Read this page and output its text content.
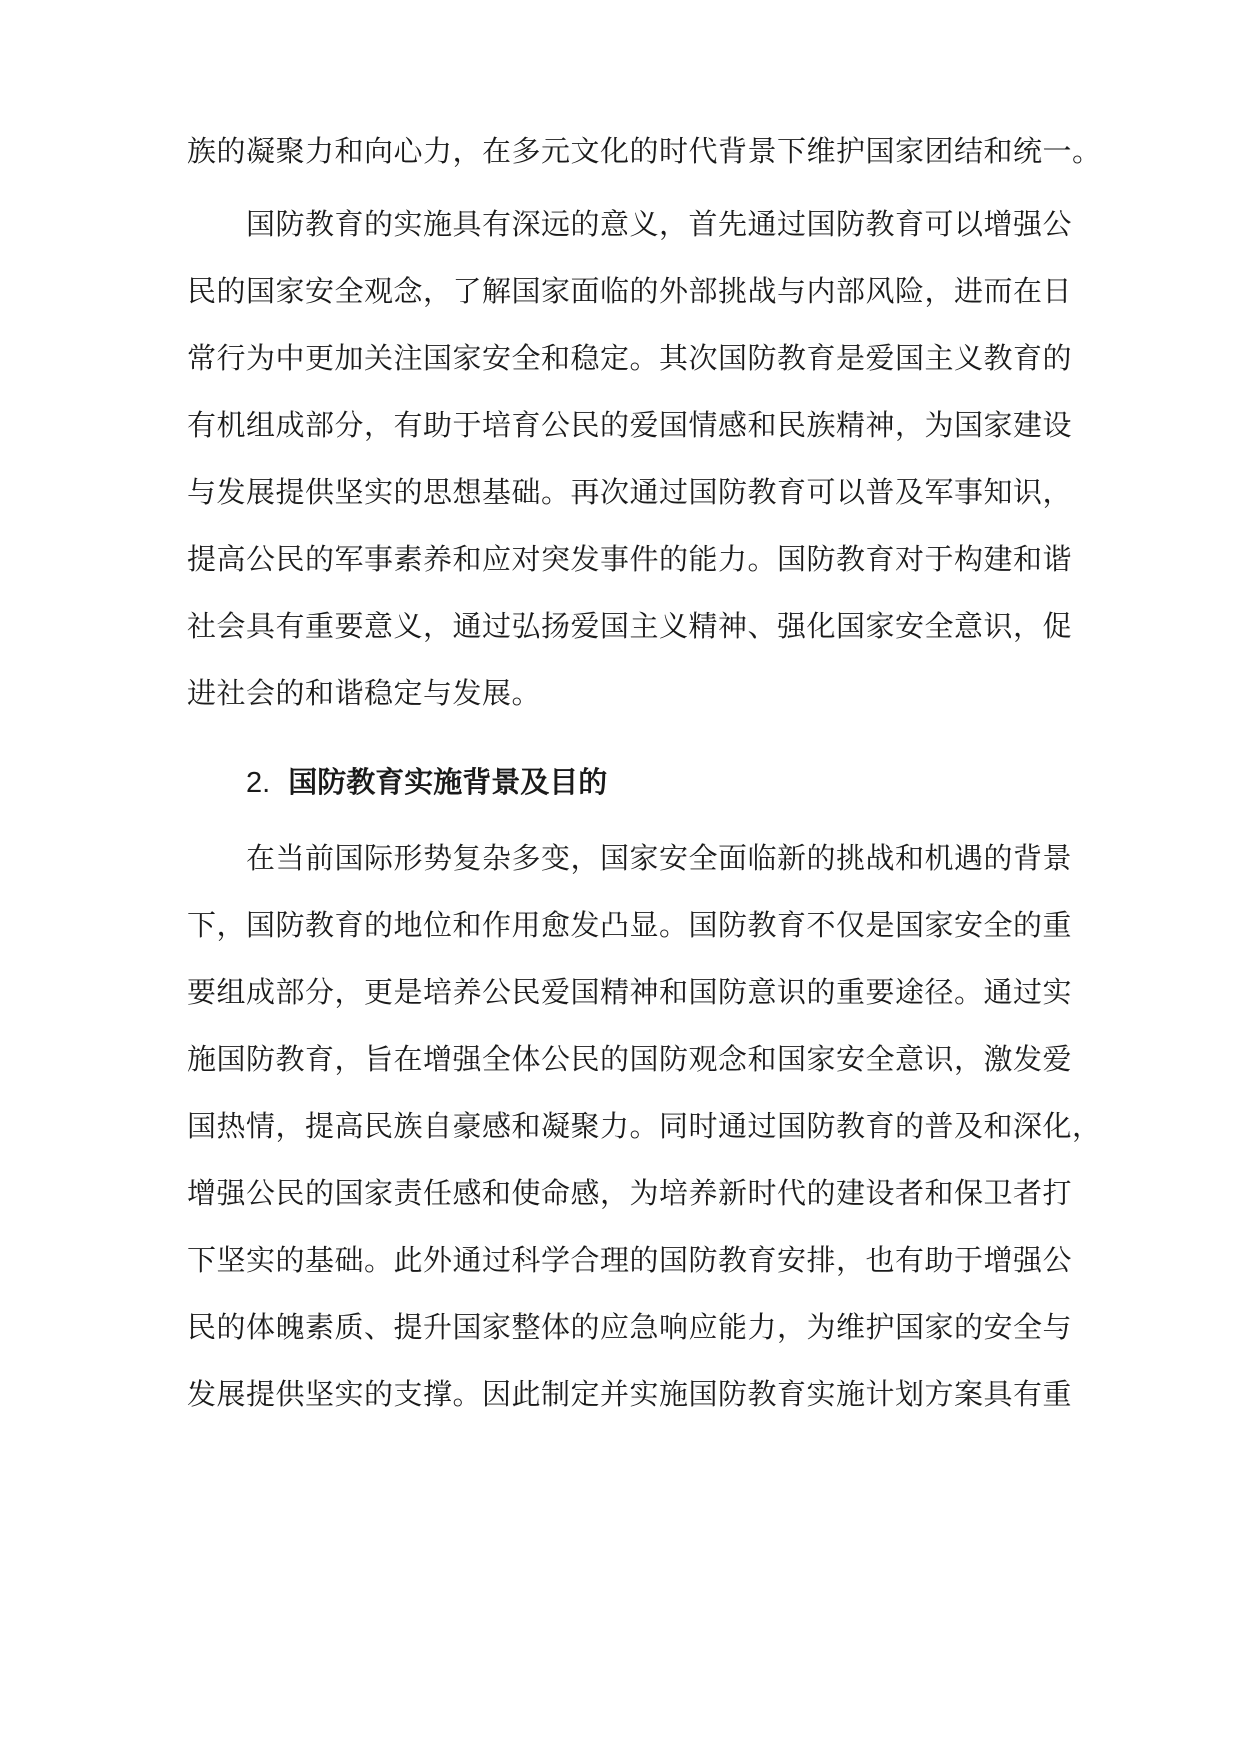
族的凝聚力和向心力，在多元文化的时代背景下维护国家团结和统一。
国防教育的实施具有深远的意义，首先通过国防教育可以增强公
民的国家安全观念，了解国家面临的外部挑战与内部风险，进而在日
常行为中更加关注国家安全和稳定。其次国防教育是爱国主义教育的
有机组成部分，有助于培育公民的爱国情感和民族精神，为国家建设
与发展提供坚实的思想基础。再次通过国防教育可以普及军事知识，
提高公民的军事素养和应对突发事件的能力。国防教育对于构建和谐
社会具有重要意义，通过弘扬爱国主义精神、强化国家安全意识，促
进社会的和谐稳定与发展。
2. 国防教育实施背景及目的
在当前国际形势复杂多变，国家安全面临新的挑战和机遇的背景
下，国防教育的地位和作用愈发凸显。国防教育不仅是国家安全的重
要组成部分，更是培养公民爱国精神和国防意识的重要途径。通过实
施国防教育，旨在增强全体公民的国防观念和国家安全意识，激发爱
国热情，提高民族自豪感和凝聚力。同时通过国防教育的普及和深化，
增强公民的国家责任感和使命感，为培养新时代的建设者和保卫者打
下坚实的基础。此外通过科学合理的国防教育安排，也有助于增强公
民的体魄素质、提升国家整体的应急响应能力，为维护国家的安全与
发展提供坚实的支撑。因此制定并实施国防教育实施计划方案具有重
